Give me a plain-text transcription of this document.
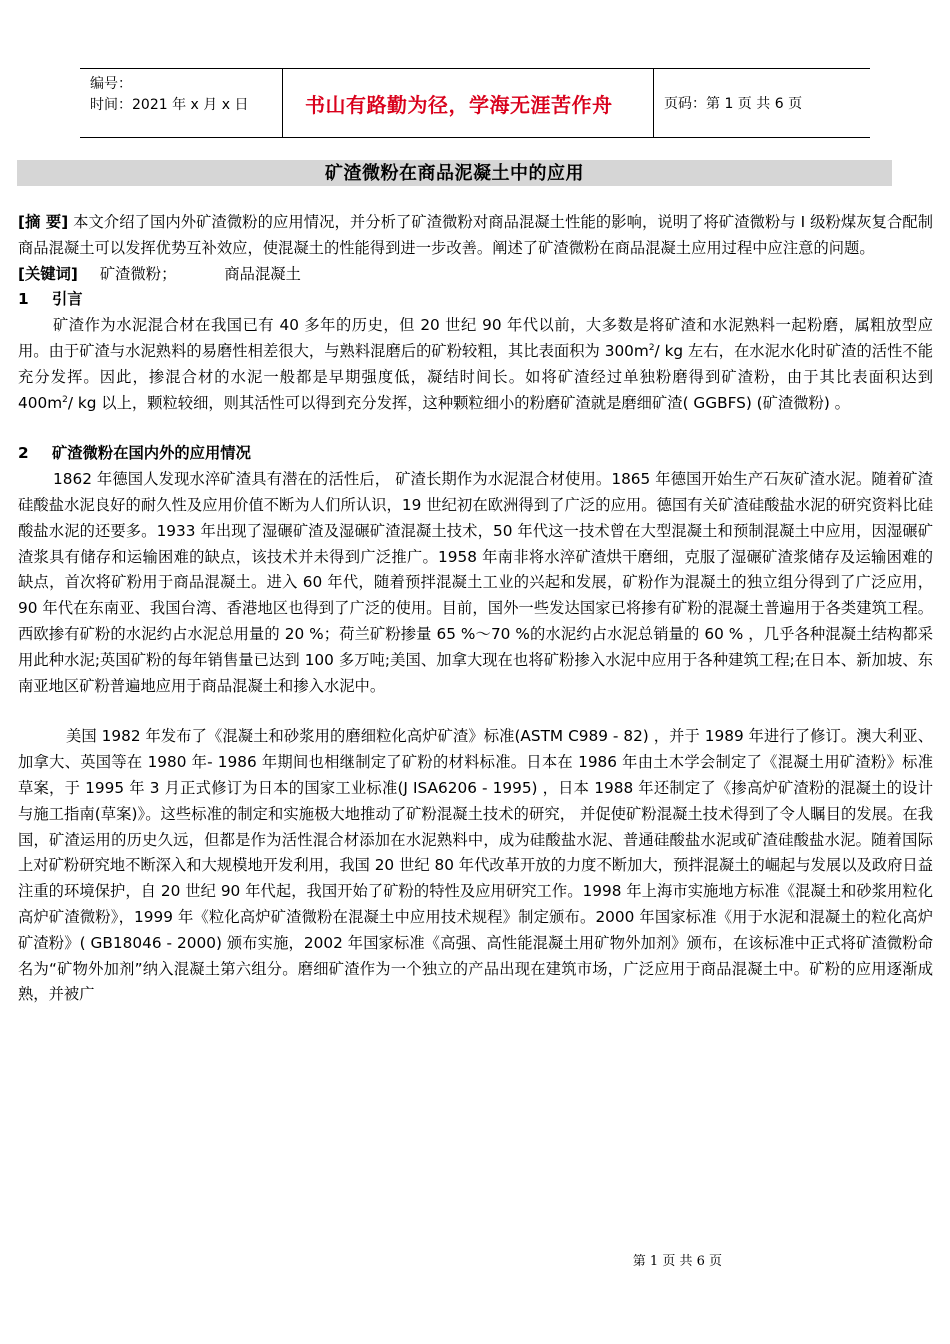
编号：
时间：2021 年 x 月 x 日	书山有路勤为径，学海无涯苦作舟	页码：第 1 页 共 6 页
矿渣微粉在商品泥凝土中的应用

[摘 要] 本文介绍了国内外矿渣微粉的应用情况，并分析了矿渣微粉对商品混凝土性能的影响，说明了将矿渣微粉与 I 级粉煤灰复合配制商品混凝土可以发挥优势互补效应，使混凝土的性能得到进一步改善。阐述了矿渣微粉在商品混凝土应用过程中应注意的问题。

[关键词] 矿渣微粉；	商品混凝土

1 引言

矿渣作为水泥混合材在我国已有 40 多年的历史，但 20 世纪 90 年代以前，大多数是将矿渣和水泥熟料一起粉磨，属粗放型应用。由于矿渣与水泥熟料的易磨性相差很大，与熟料混磨后的矿粉较粗，其比表面积为 $300m^2/$ kg 左右，在水泥水化时矿渣的活性不能充分发挥。因此，掺混合材的水泥一般都是早期强度低，凝结时间长。如将矿渣经过单独粉磨得到矿渣粉，由于其比表面积达到 $400m^2/$ kg 以上，颗粒较细，则其活性可以得到充分发挥，这种颗粒细小的粉磨矿渣就是磨细矿渣( GGBFS) (矿渣微粉) 。

2 矿渣微粉在国内外的应用情况

1862 年德国人发现水淬矿渣具有潜在的活性后， 矿渣长期作为水泥混合材使用。1865 年德国开始生产石灰矿渣水泥。随着矿渣硅酸盐水泥良好的耐久性及应用价值不断为人们所认识，19 世纪初在欧洲得到了广泛的应用。德国有关矿渣硅酸盐水泥的研究资料比硅酸盐水泥的还要多。1933 年出现了湿碾矿渣及湿碾矿渣混凝土技术，50 年代这一技术曾在大型混凝土和预制混凝土中应用，因湿碾矿渣浆具有储存和运输困难的缺点，该技术并未得到广泛推广。1958 年南非将水淬矿渣烘干磨细，克服了湿碾矿渣浆储存及运输困难的缺点，首次将矿粉用于商品混凝土。进入 60 年代，随着预拌混凝土工业的兴起和发展，矿粉作为混凝土的独立组分得到了广泛应用，90 年代在东南亚、我国台湾、香港地区也得到了广泛的使用。目前，国外一些发达国家已将掺有矿粉的混凝土普遍用于各类建筑工程。西欧掺有矿粉的水泥约占水泥总用量的 20 %；荷兰矿粉掺量 65 %～70 %的水泥约占水泥总销量的 60 % ，几乎各种混凝土结构都采用此种水泥;英国矿粉的每年销售量已达到 100 多万吨;美国、加拿大现在也将矿粉掺入水泥中应用于各种建筑工程;在日本、新加坡、东南亚地区矿粉普遍地应用于商品混凝土和掺入水泥中。

美国 1982 年发布了《混凝土和砂浆用的磨细粒化高炉矿渣》标准(ASTM C989 - 82) ，并于 1989 年进行了修订。澳大利亚、加拿大、英国等在 1980 年- 1986 年期间也相继制定了矿粉的材料标准。日本在 1986 年由土木学会制定了《混凝土用矿渣粉》标准草案，于 1995 年 3 月正式修订为日本的国家工业标准(J ISA6206 - 1995) ，日本 1988 年还制定了《掺高炉矿渣粉的混凝土的设计与施工指南(草案)》。这些标准的制定和实施极大地推动了矿粉混凝土技术的研究， 并促使矿粉混凝土技术得到了令人瞩目的发展。在我国，矿渣运用的历史久远，但都是作为活性混合材添加在水泥熟料中，成为硅酸盐水泥、普通硅酸盐水泥或矿渣硅酸盐水泥。随着国际上对矿粉研究地不断深入和大规模地开发利用，我国 20 世纪 80 年代改革开放的力度不断加大，预拌混凝土的崛起与发展以及政府日益注重的环境保护，自 20 世纪 90 年代起，我国开始了矿粉的特性及应用研究工作。1998 年上海市实施地方标准《混凝土和砂浆用粒化高炉矿渣微粉》，1999 年《粒化高炉矿渣微粉在混凝土中应用技术规程》制定颁布。2000 年国家标准《用于水泥和混凝土的粒化高炉矿渣粉》( GB18046 - 2000) 颁布实施，2002 年国家标准《高强、高性能混凝土用矿物外加剂》颁布，在该标准中正式将矿渣微粉命名为“矿物外加剂”纳入混凝土第六组分。磨细矿渣作为一个独立的产品出现在建筑市场，广泛应用于商品混凝土中。矿粉的应用逐渐成熟，并被广

第 1 页 共 6 页
